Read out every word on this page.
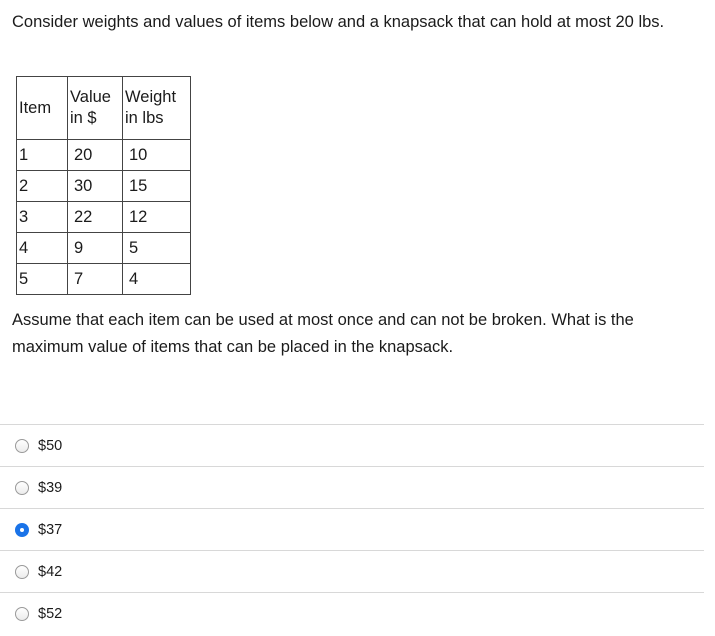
Consider weights and values of items below and a knapsack that can hold at most 20 lbs.

Item	Value in $	Weight in lbs
1	20	10
2	30	15
3	22	12
4	9	5
5	7	4

Assume that each item can be used at most once and can not be broken. What is the maximum value of items that can be placed in the knapsack.

$50
$39
$37
$42
$52
